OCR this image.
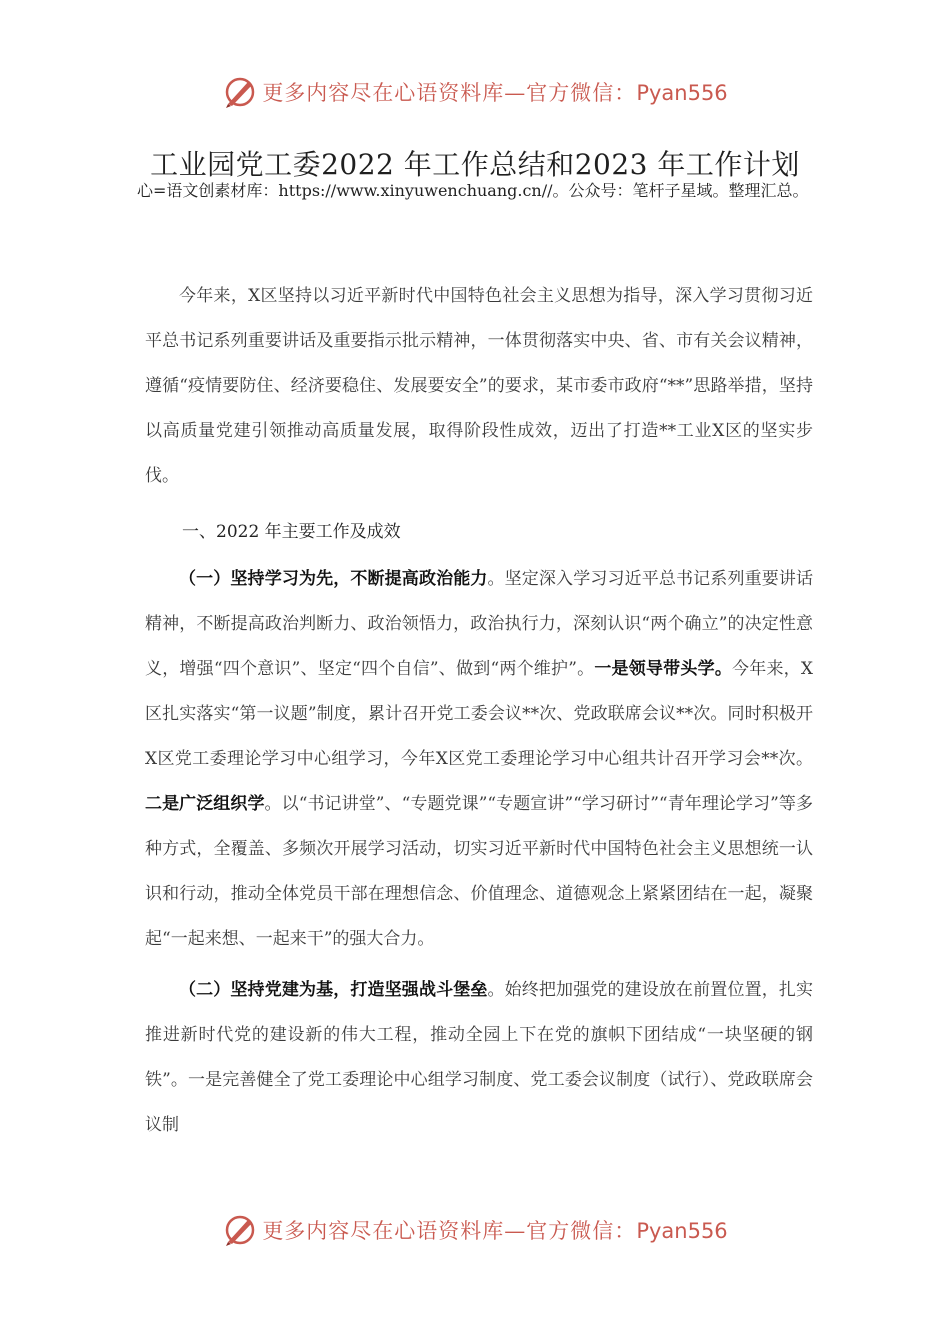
更多内容尽在心语资料库—官方微信：Pyan556
工业园党工委2022 年工作总结和2023 年工作计划
心=语文创素材库：https://www.xinyuwenchuang.cn//。公众号：笔杆子星域。整理汇总。

今年来，X区坚持以习近平新时代中国特色社会主义思想为指导，深入学习贯彻习近平总书记系列重要讲话及重要指示批示精神，一体贯彻落实中央、省、市有关会议精神，遵循“疫情要防住、经济要稳住、发展要安全”的要求，某市委市政府“**”思路举措，坚持以高质量党建引领推动高质量发展，取得阶段性成效，迈出了打造**工业X区的坚实步伐。

一、2022 年主要工作及成效

（一）坚持学习为先，不断提高政治能力。坚定深入学习习近平总书记系列重要讲话精神，不断提高政治判断力、政治领悟力，政治执行力，深刻认识“两个确立”的决定性意义，增强“四个意识”、坚定“四个自信”、做到“两个维护”。一是领导带头学。今年来，X区扎实落实“第一议题”制度，累计召开党工委会议**次、党政联席会议**次。同时积极开X区党工委理论学习中心组学习，今年X区党工委理论学习中心组共计召开学习会**次。二是广泛组织学。以“书记讲堂”、“专题党课”“专题宣讲”“学习研讨”“青年理论学习”等多种方式，全覆盖、多频次开展学习活动，切实习近平新时代中国特色社会主义思想统一认识和行动，推动全体党员干部在理想信念、价值理念、道德观念上紧紧团结在一起，凝聚起“一起来想、一起来干”的强大合力。

（二）坚持党建为基，打造坚强战斗堡垒。始终把加强党的建设放在前置位置，扎实推进新时代党的建设新的伟大工程，推动全园上下在党的旗帜下团结成“一块坚硬的钢铁”。一是完善健全了党工委理论中心组学习制度、党工委会议制度（试行）、党政联席会议制

更多内容尽在心语资料库—官方微信：Pyan556
